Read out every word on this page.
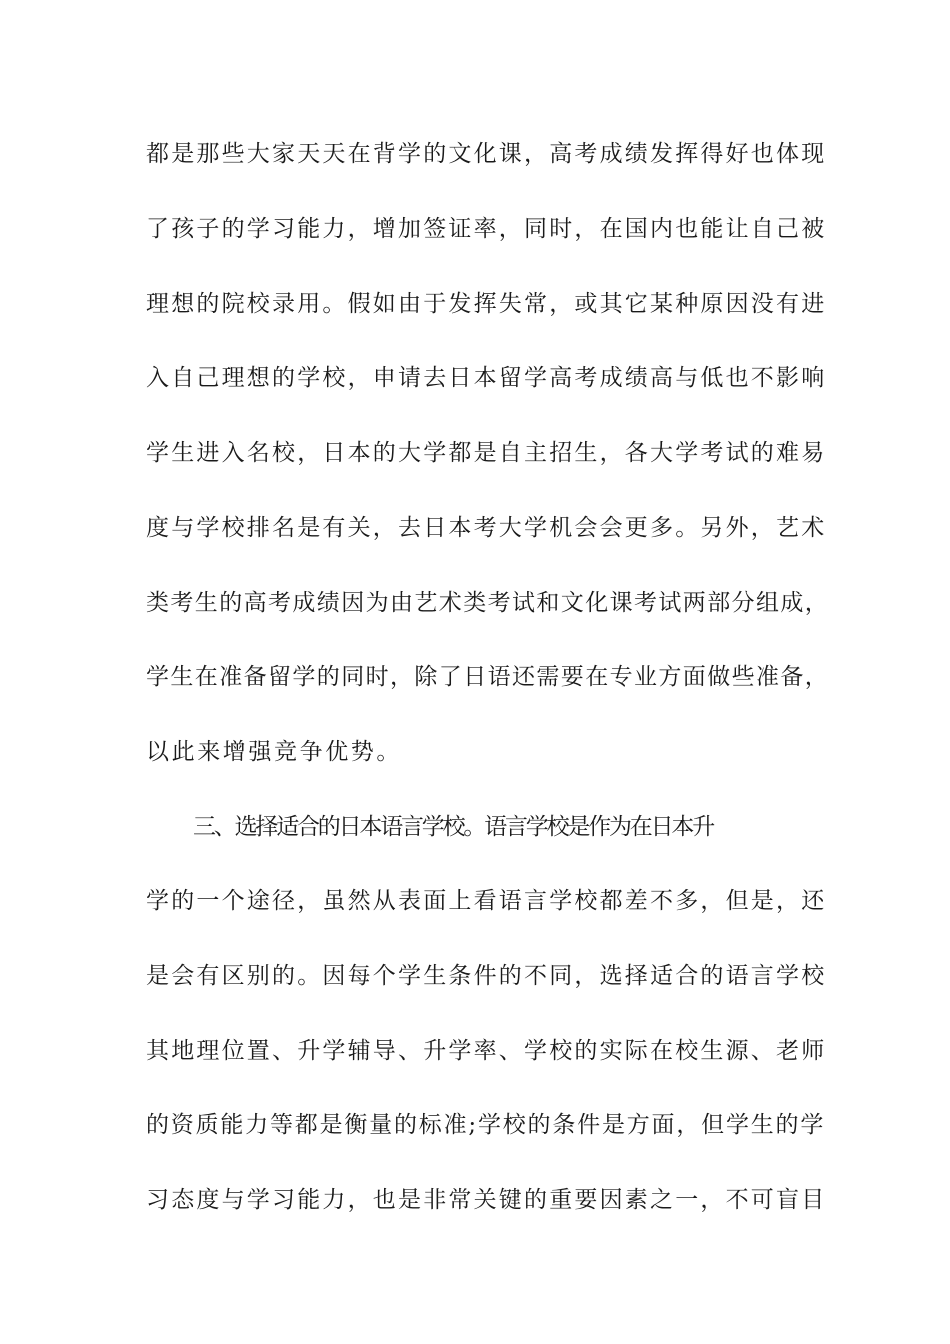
都是那些大家天天在背学的文化课，高考成绩发挥得好也体现
了孩子的学习能力，增加签证率，同时，在国内也能让自己被
理想的院校录用。假如由于发挥失常，或其它某种原因没有进
入自己理想的学校，申请去日本留学高考成绩高与低也不影响
学生进入名校，日本的大学都是自主招生，各大学考试的难易
度与学校排名是有关，去日本考大学机会会更多。另外，艺术
类考生的高考成绩因为由艺术类考试和文化课考试两部分组成，
学生在准备留学的同时，除了日语还需要在专业方面做些准备，
以此来增强竞争优势。
三、选择适合的日本语言学校。语言学校是作为在日本升
学的一个途径，虽然从表面上看语言学校都差不多，但是，还
是会有区别的。因每个学生条件的不同，选择适合的语言学校
其地理位置、升学辅导、升学率、学校的实际在校生源、老师
的资质能力等都是衡量的标准;学校的条件是方面，但学生的学
习态度与学习能力，也是非常关键的重要因素之一，不可盲目
